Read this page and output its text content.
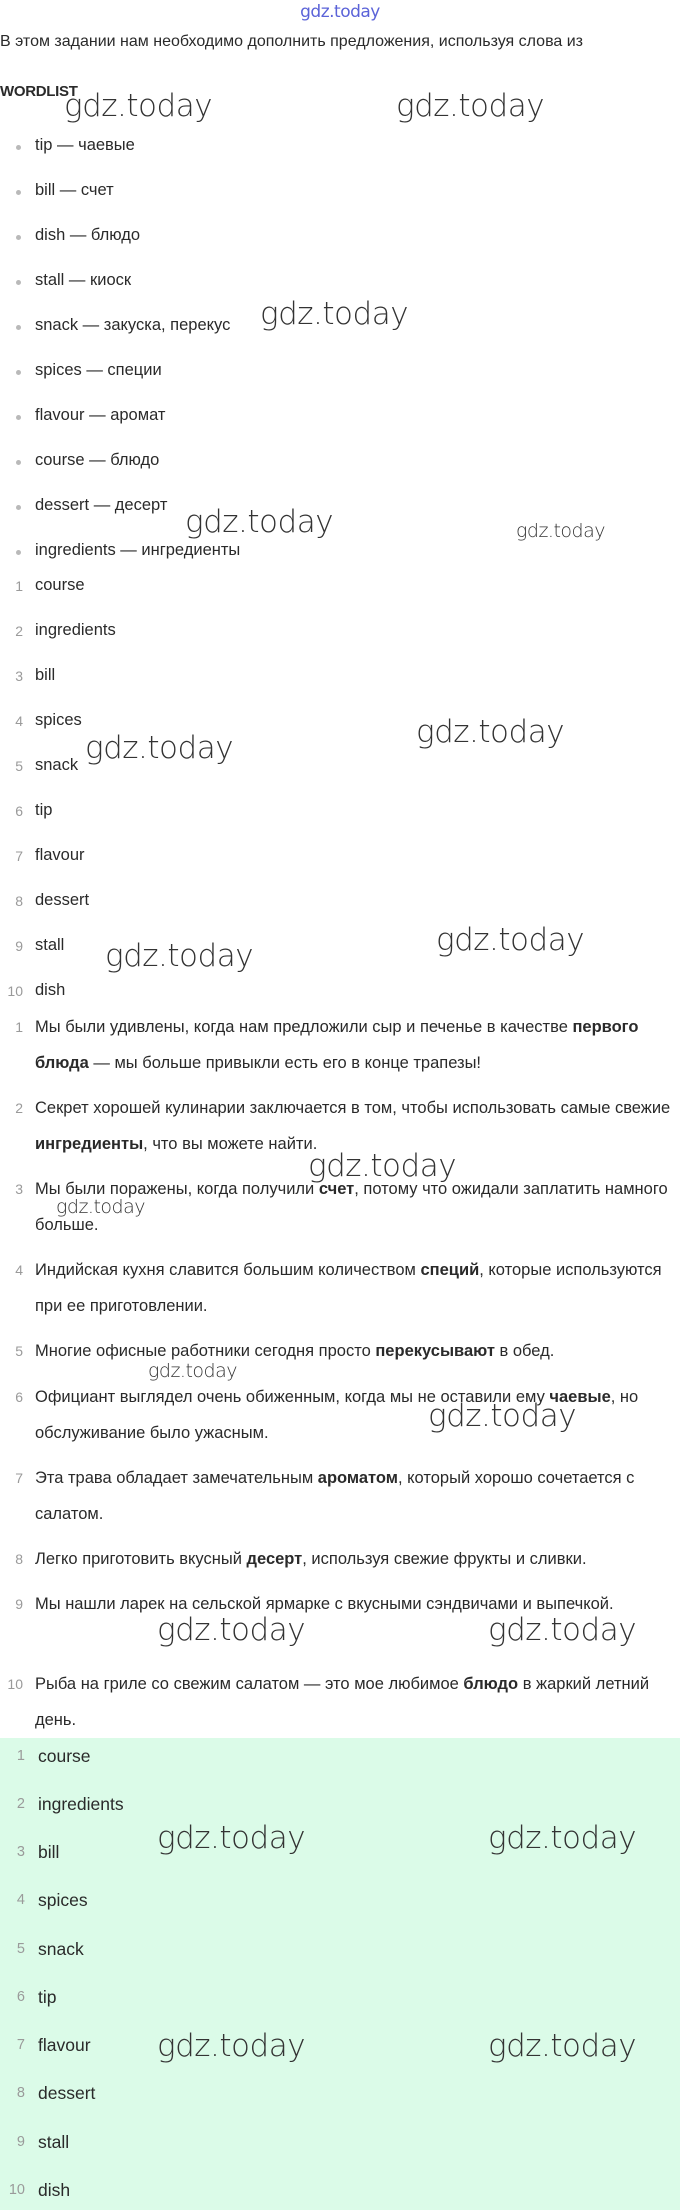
gdz.today
В этом задании нам необходимо дополнить предложения, используя слова из
WORDLIST
tip — чаевые
bill — счет
dish — блюдо
stall — киоск
snack — закуска, перекус
spices — специи
flavour — аромат
course — блюдо
dessert — десерт
ingredients — ингредиенты
1 course
2 ingredients
3 bill
4 spices
5 snack
6 tip
7 flavour
8 dessert
9 stall
10 dish
1 Мы были удивлены, когда нам предложили сыр и печенье в качестве первого блюда — мы больше привыкли есть его в конце трапезы!
2 Секрет хорошей кулинарии заключается в том, чтобы использовать самые свежие ингредиенты, что вы можете найти.
3 Мы были поражены, когда получили счет, потому что ожидали заплатить намного больше.
4 Индийская кухня славится большим количеством специй, которые используются при ее приготовлении.
5 Многие офисные работники сегодня просто перекусывают в обед.
6 Официант выглядел очень обиженным, когда мы не оставили ему чаевые, но обслуживание было ужасным.
7 Эта трава обладает замечательным ароматом, который хорошо сочетается с салатом.
8 Легко приготовить вкусный десерт, используя свежие фрукты и сливки.
9 Мы нашли ларек на сельской ярмарке с вкусными сэндвичами и выпечкой.
10 Рыба на гриле со свежим салатом — это мое любимое блюдо в жаркий летний день.
1 course
2 ingredients
3 bill
4 spices
5 snack
6 tip
7 flavour
8 dessert
9 stall
10 dish
gdz.today	gdz.today
gdz.today
gdz.today	gdz.today
gdz.today
gdz.today
gdz.today
gdz.today
gdz.today
gdz.today
gdz.today
gdz.today
gdz.today	gdz.today
gdz.today	gdz.today
gdz.today	gdz.today
